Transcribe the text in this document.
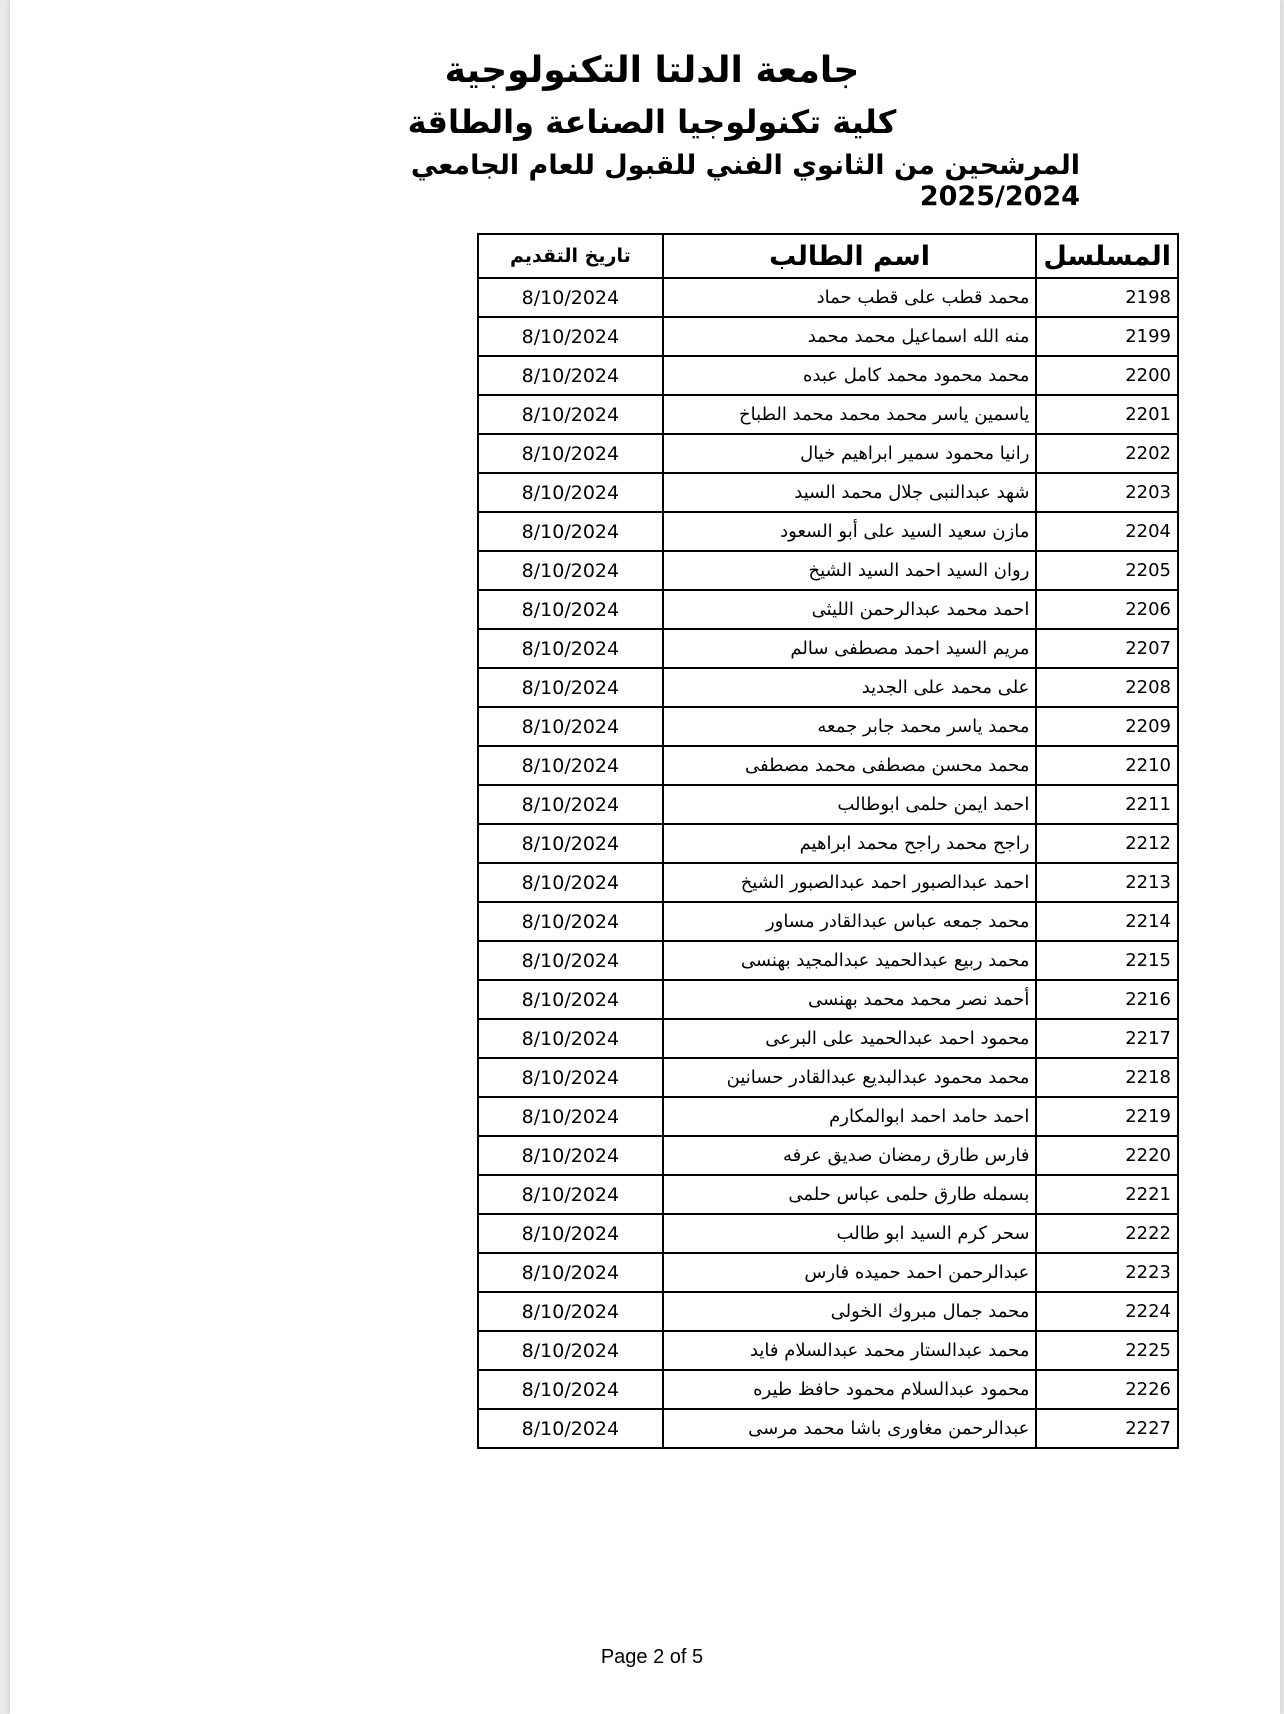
جامعة الدلتا التكنولوجية
كلية تكنولوجيا الصناعة والطاقة
المرشحين من الثانوي الفني للقبول للعام الجامعي 2025/2024
المسلسل	اسم الطالب	تاريخ التقديم
2198	محمد قطب على قطب حماد	8/10/2024
2199	منه الله اسماعيل محمد محمد	8/10/2024
2200	محمد محمود محمد كامل عبده	8/10/2024
2201	ياسمين ياسر محمد محمد محمد الطباخ	8/10/2024
2202	رانيا محمود سمير ابراهيم خيال	8/10/2024
2203	شهد عبدالنبى جلال محمد السيد	8/10/2024
2204	مازن سعيد السيد على أبو السعود	8/10/2024
2205	روان السيد احمد السيد الشيخ	8/10/2024
2206	احمد محمد عبدالرحمن الليثى	8/10/2024
2207	مريم السيد احمد مصطفى سالم	8/10/2024
2208	على محمد على الجديد	8/10/2024
2209	محمد ياسر محمد جابر جمعه	8/10/2024
2210	محمد محسن مصطفى محمد مصطفى	8/10/2024
2211	احمد ايمن حلمى ابوطالب	8/10/2024
2212	راجح محمد راجح محمد ابراهيم	8/10/2024
2213	احمد عبدالصبور احمد عبدالصبور الشيخ	8/10/2024
2214	محمد جمعه عباس عبدالقادر مساور	8/10/2024
2215	محمد ربيع عبدالحميد عبدالمجيد بهنسى	8/10/2024
2216	أحمد نصر محمد محمد بهنسى	8/10/2024
2217	محمود احمد عبدالحميد على البرعى	8/10/2024
2218	محمد محمود عبدالبديع عبدالقادر حسانين	8/10/2024
2219	احمد حامد احمد ابوالمكارم	8/10/2024
2220	فارس طارق رمضان صديق عرفه	8/10/2024
2221	بسمله طارق حلمى عباس حلمى	8/10/2024
2222	سحر كرم السيد ابو طالب	8/10/2024
2223	عبدالرحمن احمد حميده فارس	8/10/2024
2224	محمد جمال مبروك الخولى	8/10/2024
2225	محمد عبدالستار محمد عبدالسلام فايد	8/10/2024
2226	محمود عبدالسلام محمود حافظ طيره	8/10/2024
2227	عبدالرحمن مغاورى باشا محمد مرسى	8/10/2024
Page 2 of 5
